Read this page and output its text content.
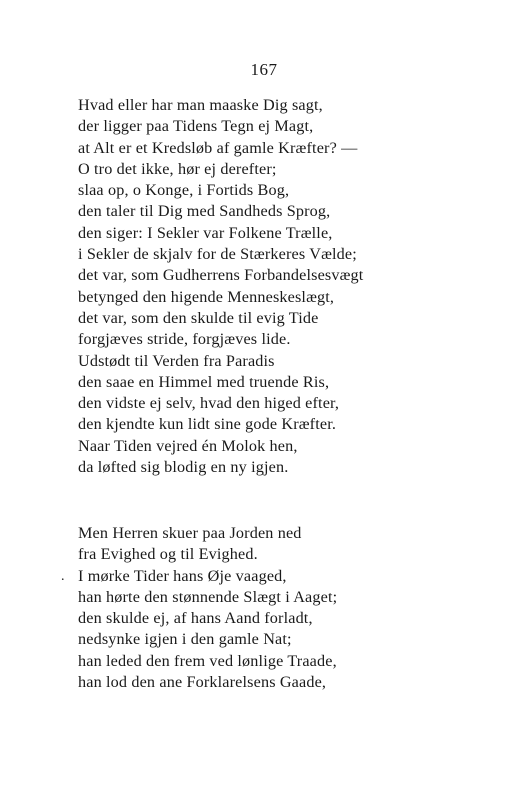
167
Hvad eller har man maaske Dig sagt,
der ligger paa Tidens Tegn ej Magt,
at Alt er et Kredsløb af gamle Kræfter? —
O tro det ikke, hør ej derefter;
slaa op, o Konge, i Fortids Bog,
den taler til Dig med Sandheds Sprog,
den siger: I Sekler var Folkene Trælle,
i Sekler de skjalv for de Stærkeres Vælde;
det var, som Gudherrens Forbandelsesvægt
betynged den higende Menneskeslægt,
det var, som den skulde til evig Tide
forgjæves stride, forgjæves lide.
Udstødt til Verden fra Paradis
den saae en Himmel med truende Ris,
den vidste ej selv, hvad den higed efter,
den kjendte kun lidt sine gode Kræfter.
Naar Tiden vejred én Molok hen,
da løfted sig blodig en ny igjen.
.
Men Herren skuer paa Jorden ned
fra Evighed og til Evighed.
I mørke Tider hans Øje vaaged,
han hørte den stønnende Slægt i Aaget;
den skulde ej, af hans Aand forladt,
nedsynke igjen i den gamle Nat;
han leded den frem ved lønlige Traade,
han lod den ane Forklarelsens Gaade,
